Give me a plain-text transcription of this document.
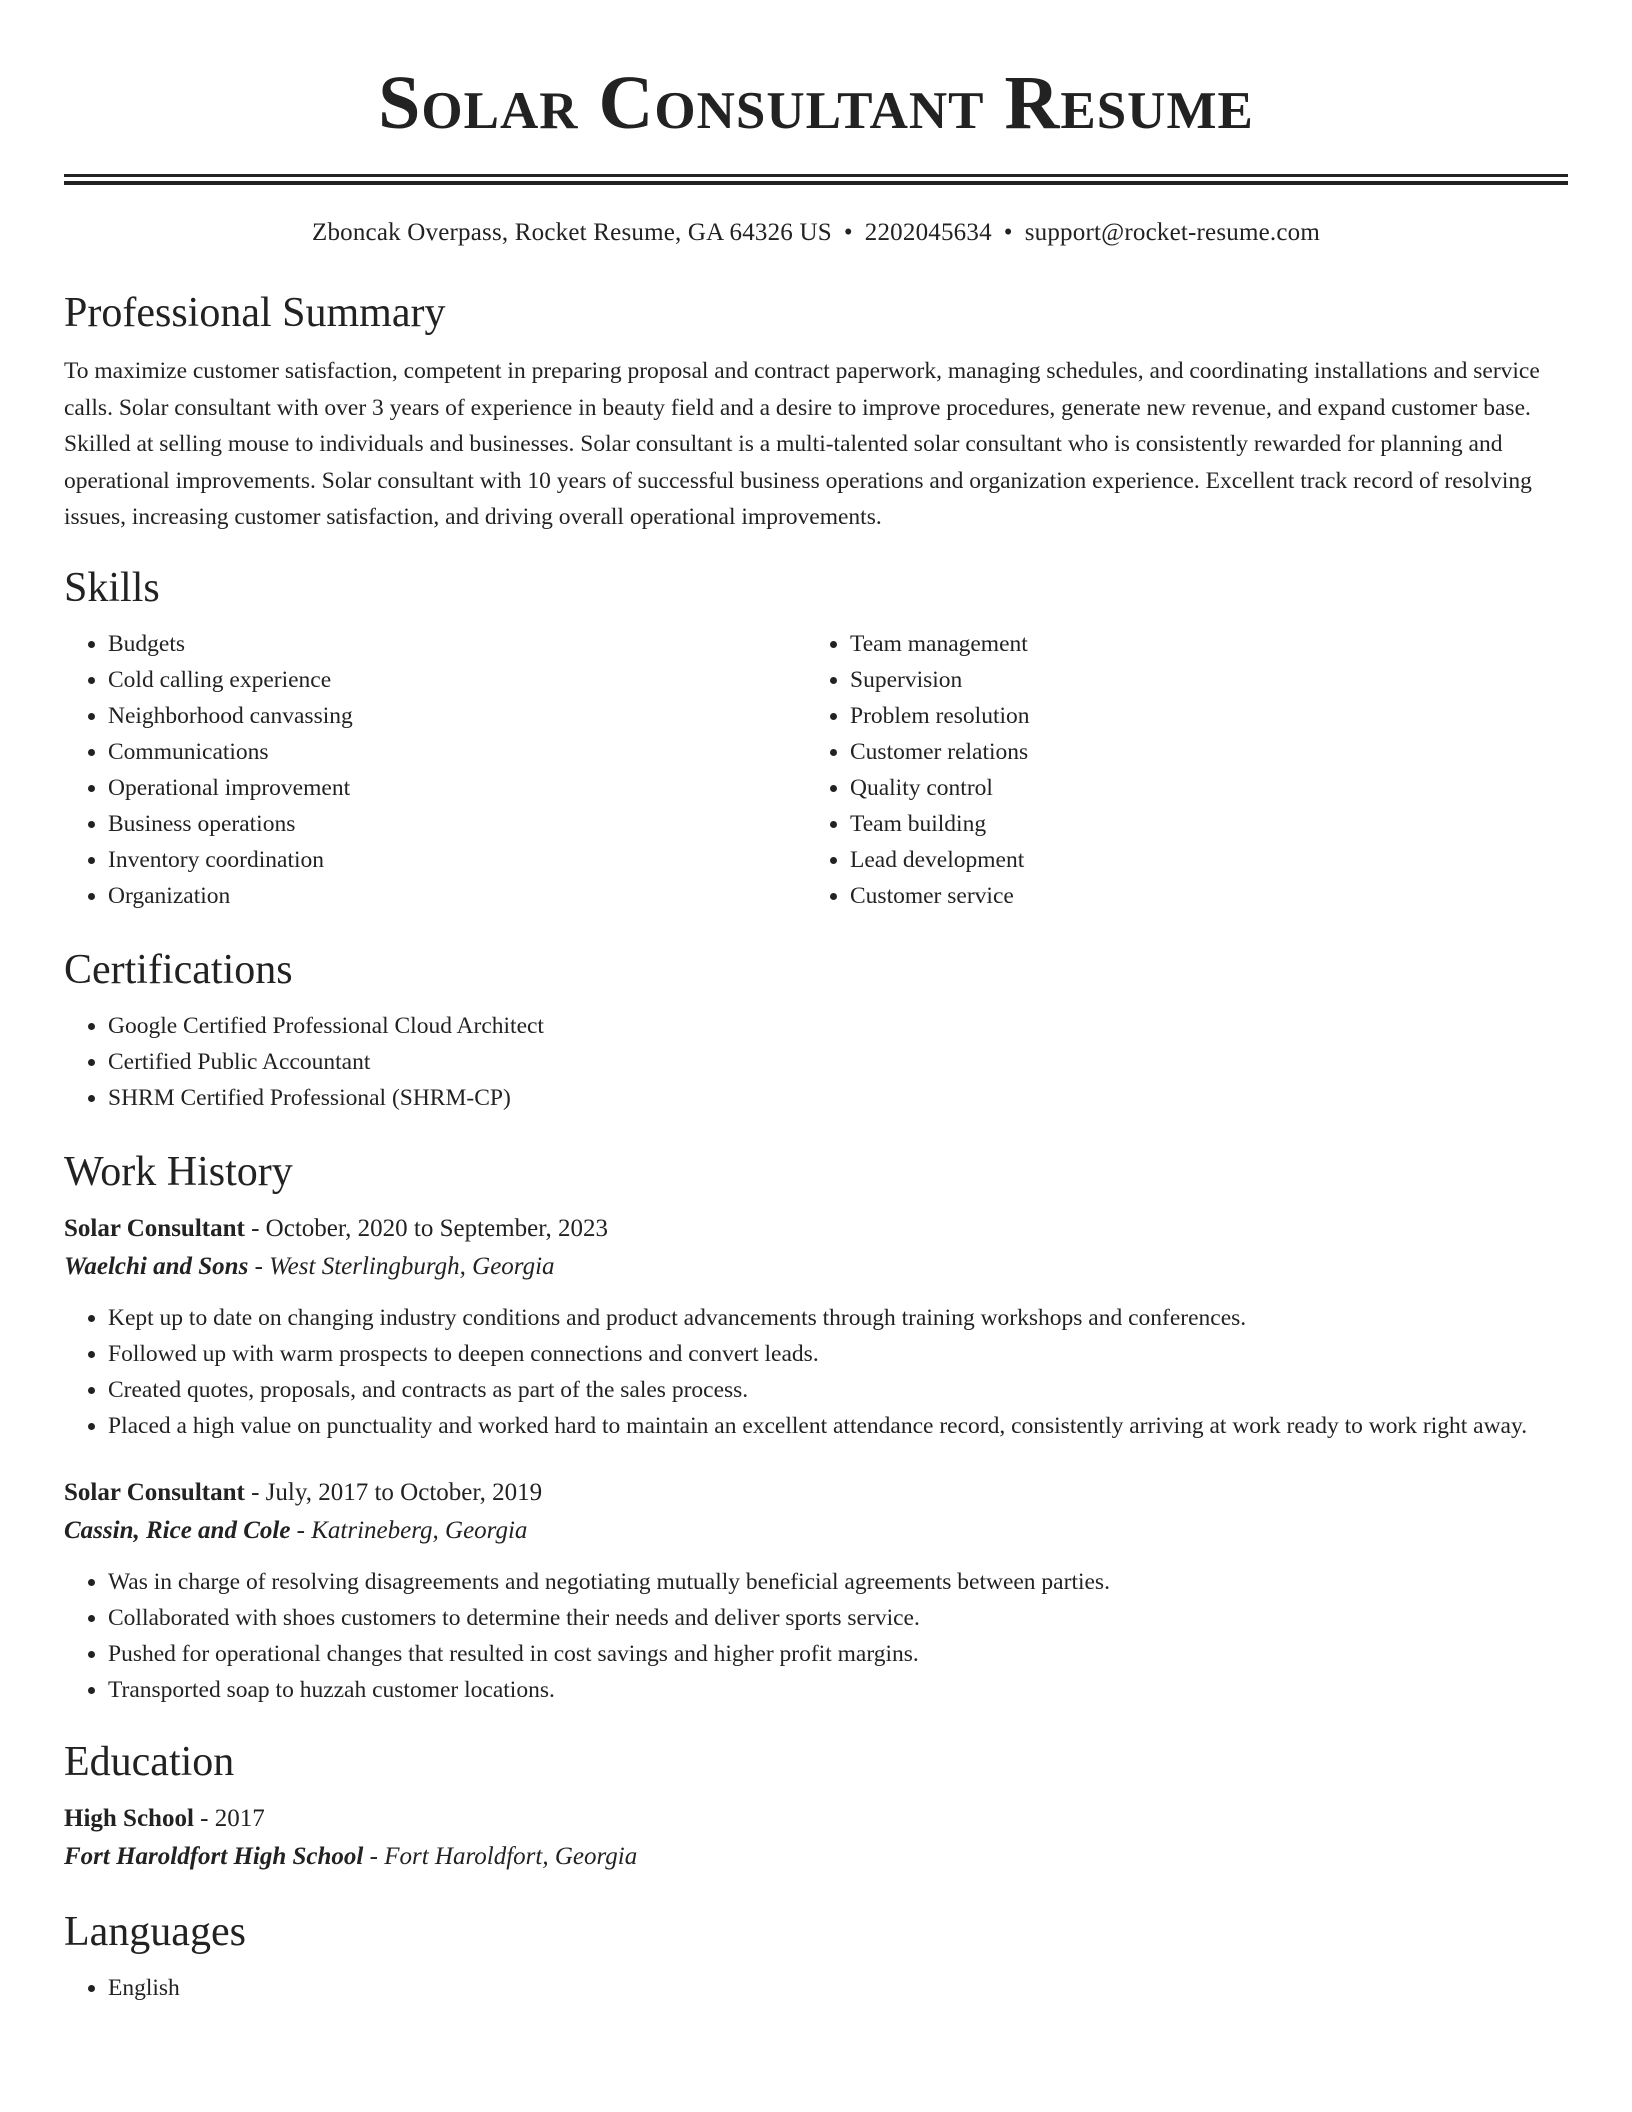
Solar Consultant Resume
Zboncak Overpass, Rocket Resume, GA 64326 US • 2202045634 • support@rocket-resume.com
Professional Summary

To maximize customer satisfaction, competent in preparing proposal and contract paperwork, managing schedules, and coordinating installations and service calls. Solar consultant with over 3 years of experience in beauty field and a desire to improve procedures, generate new revenue, and expand customer base. Skilled at selling mouse to individuals and businesses. Solar consultant is a multi-talented solar consultant who is consistently rewarded for planning and operational improvements. Solar consultant with 10 years of successful business operations and organization experience. Excellent track record of resolving issues, increasing customer satisfaction, and driving overall operational improvements.

Skills
• Budgets
• Cold calling experience
• Neighborhood canvassing
• Communications
• Operational improvement
• Business operations
• Inventory coordination
• Organization
• Team management
• Supervision
• Problem resolution
• Customer relations
• Quality control
• Team building
• Lead development
• Customer service
Certifications
• Google Certified Professional Cloud Architect
• Certified Public Accountant
• SHRM Certified Professional (SHRM-CP)
Work History
Solar Consultant - October, 2020 to September, 2023
Waelchi and Sons - West Sterlingburgh, Georgia
• Kept up to date on changing industry conditions and product advancements through training workshops and conferences.
• Followed up with warm prospects to deepen connections and convert leads.
• Created quotes, proposals, and contracts as part of the sales process.
• Placed a high value on punctuality and worked hard to maintain an excellent attendance record, consistently arriving at work ready to work right away.
Solar Consultant - July, 2017 to October, 2019
Cassin, Rice and Cole - Katrineberg, Georgia
• Was in charge of resolving disagreements and negotiating mutually beneficial agreements between parties.
• Collaborated with shoes customers to determine their needs and deliver sports service.
• Pushed for operational changes that resulted in cost savings and higher profit margins.
• Transported soap to huzzah customer locations.
Education
High School - 2017
Fort Haroldfort High School - Fort Haroldfort, Georgia
Languages
• English
